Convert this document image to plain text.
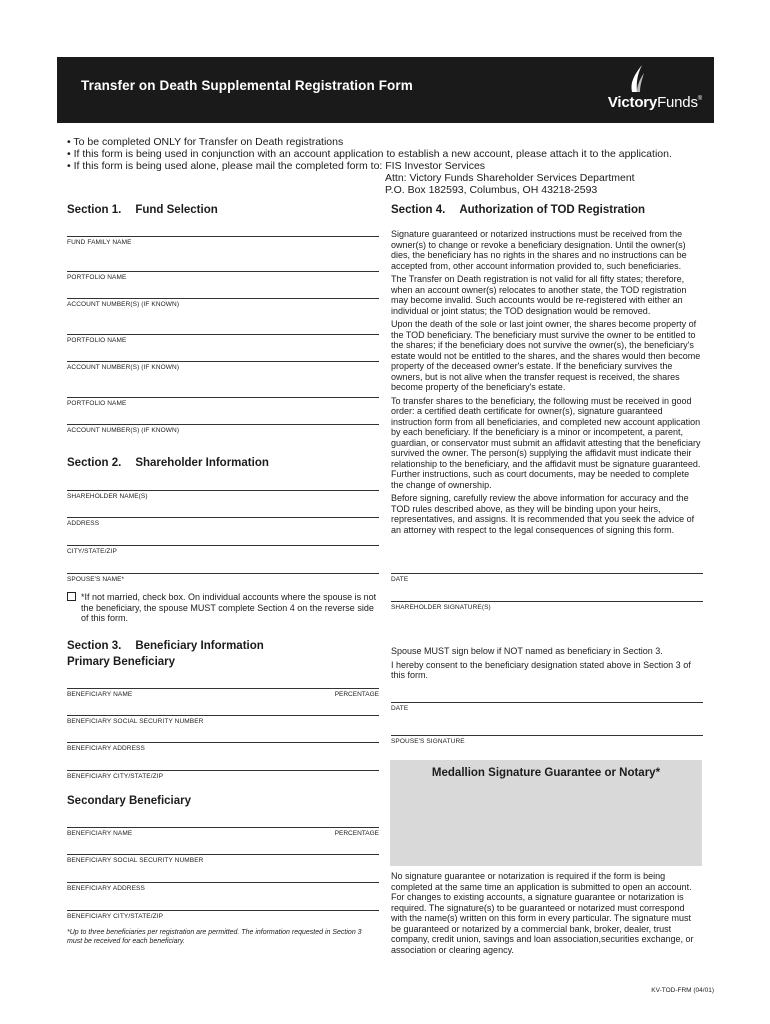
Transfer on Death Supplemental Registration Form
VictoryFunds®
• To be completed ONLY for Transfer on Death registrations
• If this form is being used in conjunction with an account application to establish a new account, please attach it to the application.
• If this form is being used alone, please mail the completed form to: FIS Investor Services
Attn: Victory Funds Shareholder Services Department
P.O. Box 182593, Columbus, OH 43218-2593
Section 1. Fund Selection
FUND FAMILY NAME
PORTFOLIO NAME
ACCOUNT NUMBER(S) (IF KNOWN)
PORTFOLIO NAME
ACCOUNT NUMBER(S) (IF KNOWN)
PORTFOLIO NAME
ACCOUNT NUMBER(S) (IF KNOWN)
Section 2. Shareholder Information
SHAREHOLDER NAME(S)
ADDRESS
CITY/STATE/ZIP
SPOUSE'S NAME*
*If not married, check box. On individual accounts where the spouse is not the beneficiary, the spouse MUST complete Section 4 on the reverse side of this form.
Section 3. Beneficiary Information
Primary Beneficiary
BENEFICIARY NAME	PERCENTAGE
BENEFICIARY SOCIAL SECURITY NUMBER
BENEFICIARY ADDRESS
BENEFICIARY CITY/STATE/ZIP
Secondary Beneficiary
BENEFICIARY NAME	PERCENTAGE
BENEFICIARY SOCIAL SECURITY NUMBER
BENEFICIARY ADDRESS
BENEFICIARY CITY/STATE/ZIP
*Up to three beneficiaries per registration are permitted. The information requested in Section 3 must be received for each beneficiary.
Section 4. Authorization of TOD Registration

Signature guaranteed or notarized instructions must be received from the owner(s) to change or revoke a beneficiary designation. Until the owner(s) dies, the beneficiary has no rights in the shares and no instructions can be accepted from, other account information provided to, such beneficiaries.

The Transfer on Death registration is not valid for all fifty states; therefore, when an account owner(s) relocates to another state, the TOD registration may become invalid. Such accounts would be re-registered with either an individual or joint status; the TOD designation would be removed.

Upon the death of the sole or last joint owner, the shares become property of the TOD beneficiary. The beneficiary must survive the owner to be entitled to the shares; if the beneficiary does not survive the owner(s), the beneficiary's estate would not be entitled to the shares, and the shares would then become property of the deceased owner's estate. If the beneficiary survives the owners, but is not alive when the transfer request is received, the shares become property of the beneficiary's estate.

To transfer shares to the beneficiary, the following must be received in good order: a certified death certificate for owner(s), signature guaranteed instruction form from all beneficiaries, and completed new account application by each beneficiary. If the beneficiary is a minor or incompetent, a parent, guardian, or conservator must submit an affidavit attesting that the beneficiary survived the owner. The person(s) supplying the affidavit must indicate their relationship to the beneficiary, and the affidavit must be signature guaranteed. Further instructions, such as court documents, may be needed to complete the change of ownership.

Before signing, carefully review the above information for accuracy and the TOD rules described above, as they will be binding upon your heirs, representatives, and assigns. It is recommended that you seek the advice of an attorney with respect to the legal consequences of signing this form.

DATE
SHAREHOLDER SIGNATURE(S)

Spouse MUST sign below if NOT named as beneficiary in Section 3.

I hereby consent to the beneficiary designation stated above in Section 3 of this form.

DATE
SPOUSE'S SIGNATURE
Medallion Signature Guarantee or Notary*
No signature guarantee or notarization is required if the form is being completed at the same time an application is submitted to open an account. For changes to existing accounts, a signature guarantee or notarization is required. The signature(s) to be guaranteed or notarized must correspond with the name(s) written on this form in every particular. The signature must be guaranteed or notarized by a commercial bank, broker, dealer, trust company, credit union, savings and loan association,securities exchange, or association or clearing agency.
KV-TOD-FRM (04/01)
